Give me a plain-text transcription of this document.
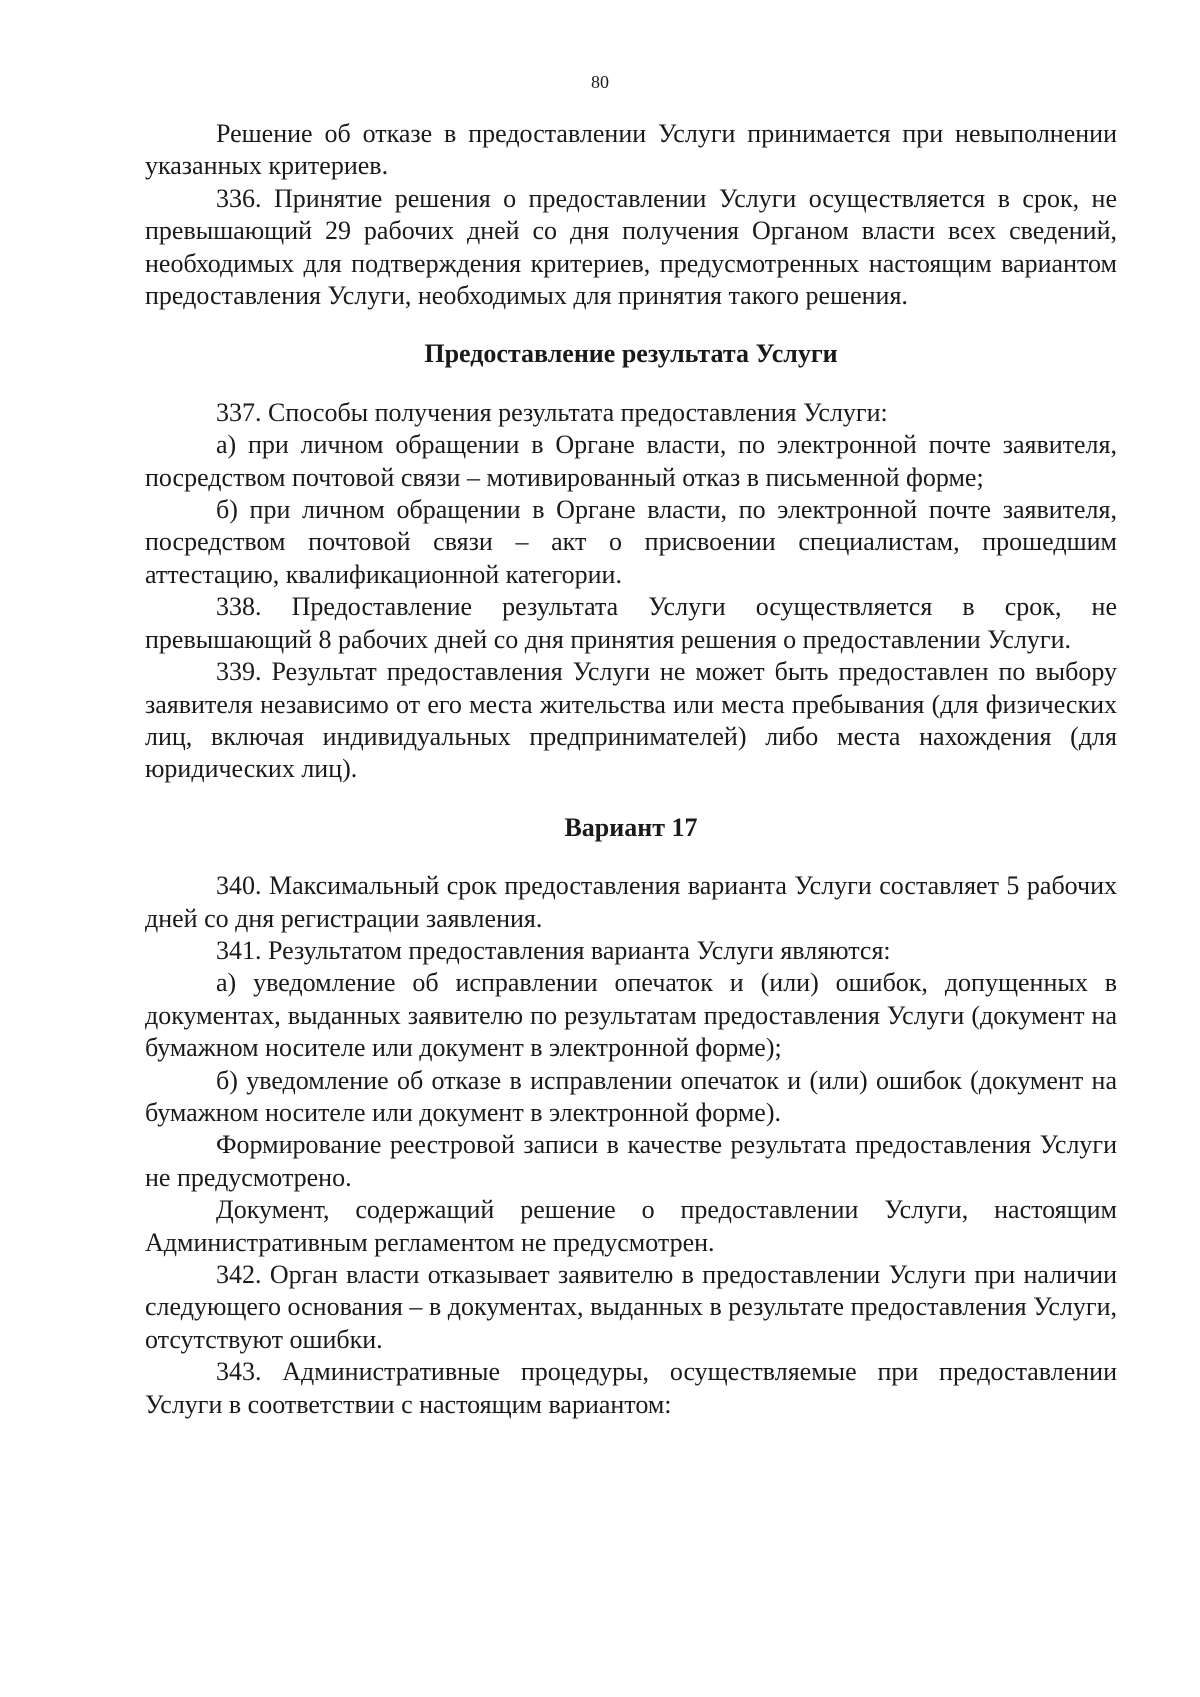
80

Решение об отказе в предоставлении Услуги принимается при невыполнении указанных критериев.

336. Принятие решения о предоставлении Услуги осуществляется в срок, не превышающий 29 рабочих дней со дня получения Органом власти всех сведений, необходимых для подтверждения критериев, предусмотренных настоящим вариантом предоставления Услуги, необходимых для принятия такого решения.

Предоставление результата Услуги

337. Способы получения результата предоставления Услуги:

а) при личном обращении в Органе власти, по электронной почте заявителя, посредством почтовой связи – мотивированный отказ в письменной форме;

б) при личном обращении в Органе власти, по электронной почте заявителя, посредством почтовой связи – акт о присвоении специалистам, прошедшим аттестацию, квалификационной категории.

338. Предоставление результата Услуги осуществляется в срок, не превышающий 8 рабочих дней со дня принятия решения о предоставлении Услуги.

339. Результат предоставления Услуги не может быть предоставлен по выбору заявителя независимо от его места жительства или места пребывания (для физических лиц, включая индивидуальных предпринимателей) либо места нахождения (для юридических лиц).

Вариант 17

340. Максимальный срок предоставления варианта Услуги составляет 5 рабочих дней со дня регистрации заявления.

341. Результатом предоставления варианта Услуги являются:

а) уведомление об исправлении опечаток и (или) ошибок, допущенных в документах, выданных заявителю по результатам предоставления Услуги (документ на бумажном носителе или документ в электронной форме);

б) уведомление об отказе в исправлении опечаток и (или) ошибок (документ на бумажном носителе или документ в электронной форме).

Формирование реестровой записи в качестве результата предоставления Услуги не предусмотрено.

Документ, содержащий решение о предоставлении Услуги, настоящим Административным регламентом не предусмотрен.

342. Орган власти отказывает заявителю в предоставлении Услуги при наличии следующего основания – в документах, выданных в результате предоставления Услуги, отсутствуют ошибки.

343. Административные процедуры, осуществляемые при предоставлении Услуги в соответствии с настоящим вариантом:
